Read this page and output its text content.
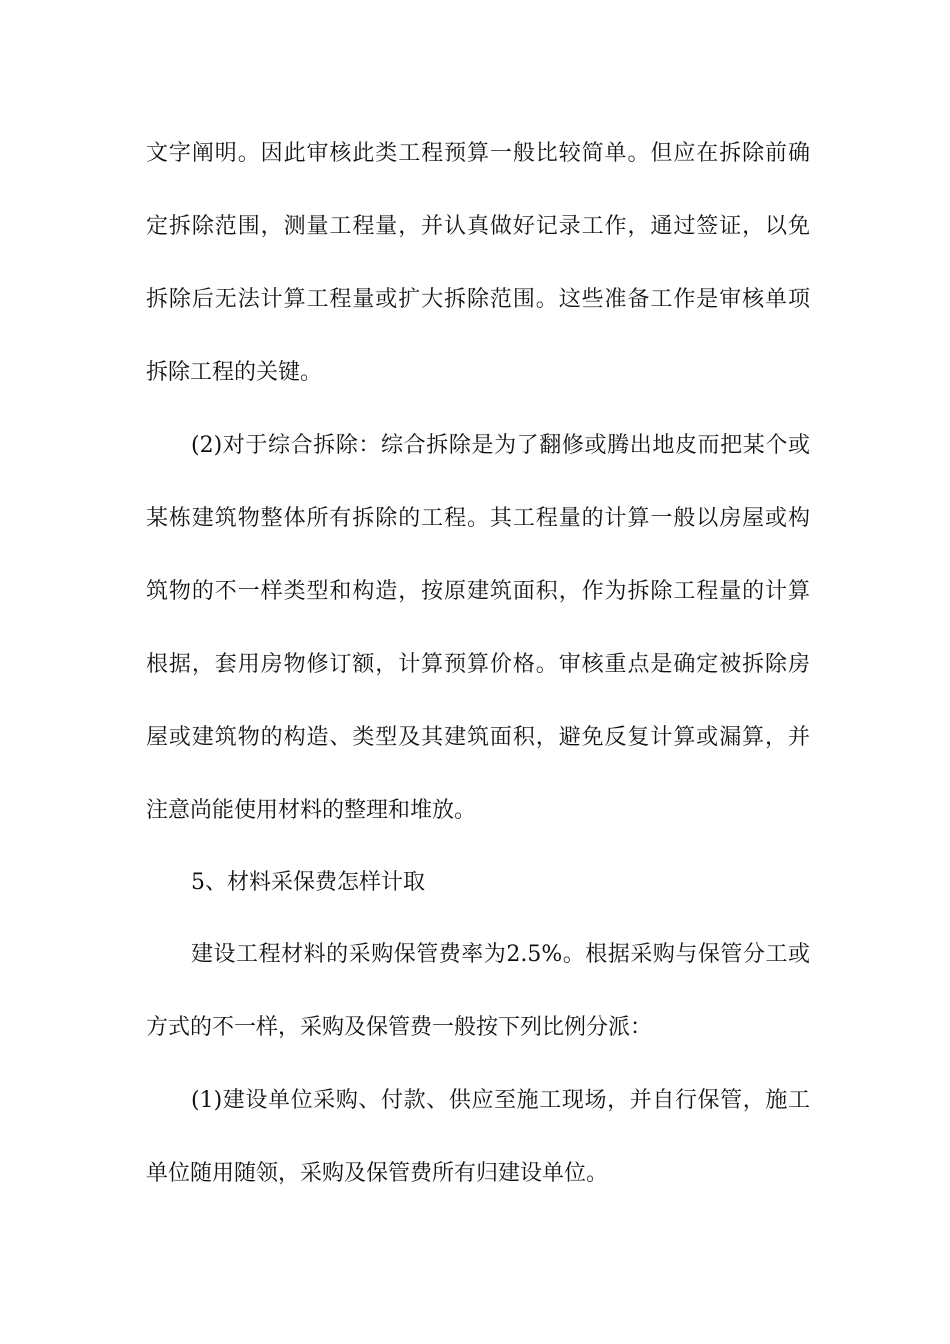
文字阐明。因此审核此类工程预算一般比较简单。但应在拆除前确
定拆除范围，测量工程量，并认真做好记录工作，通过签证，以免
拆除后无法计算工程量或扩大拆除范围。这些准备工作是审核单项
拆除工程的关键。
(2)对于综合拆除：综合拆除是为了翻修或腾出地皮而把某个或
某栋建筑物整体所有拆除的工程。其工程量的计算一般以房屋或构
筑物的不一样类型和构造，按原建筑面积，作为拆除工程量的计算
根据，套用房物修订额，计算预算价格。审核重点是确定被拆除房
屋或建筑物的构造、类型及其建筑面积，避免反复计算或漏算，并
注意尚能使用材料的整理和堆放。
5、材料采保费怎样计取
建设工程材料的采购保管费率为2.5%。根据采购与保管分工或
方式的不一样，采购及保管费一般按下列比例分派：
(1)建设单位采购、付款、供应至施工现场，并自行保管，施工
单位随用随领，采购及保管费所有归建设单位。
